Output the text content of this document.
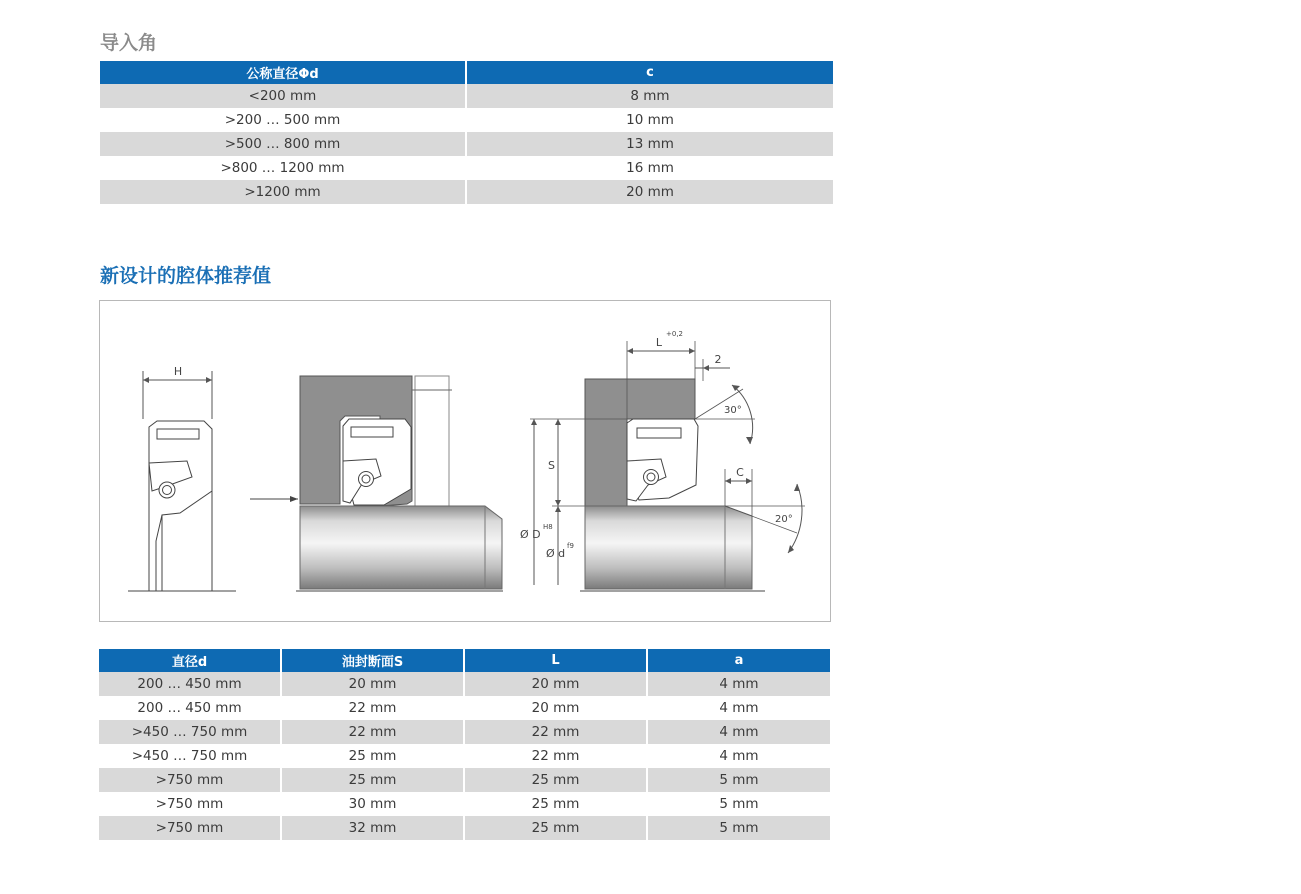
导入角
公称直径Φd	c
<200 mm	8 mm
>200 … 500 mm	10 mm
>500 … 800 mm	13 mm
>800 … 1200 mm	16 mm
>1200 mm	20 mm
新设计的腔体推荐值
H
L
+0,2
2
30°
S
Ø D
H8
Ø d
f9
C
20°
直径d	油封断面S	L	a
200 … 450 mm	20 mm	20 mm	4 mm
200 … 450 mm	22 mm	20 mm	4 mm
>450 … 750 mm	22 mm	22 mm	4 mm
>450 … 750 mm	25 mm	22 mm	4 mm
>750 mm	25 mm	25 mm	5 mm
>750 mm	30 mm	25 mm	5 mm
>750 mm	32 mm	25 mm	5 mm
